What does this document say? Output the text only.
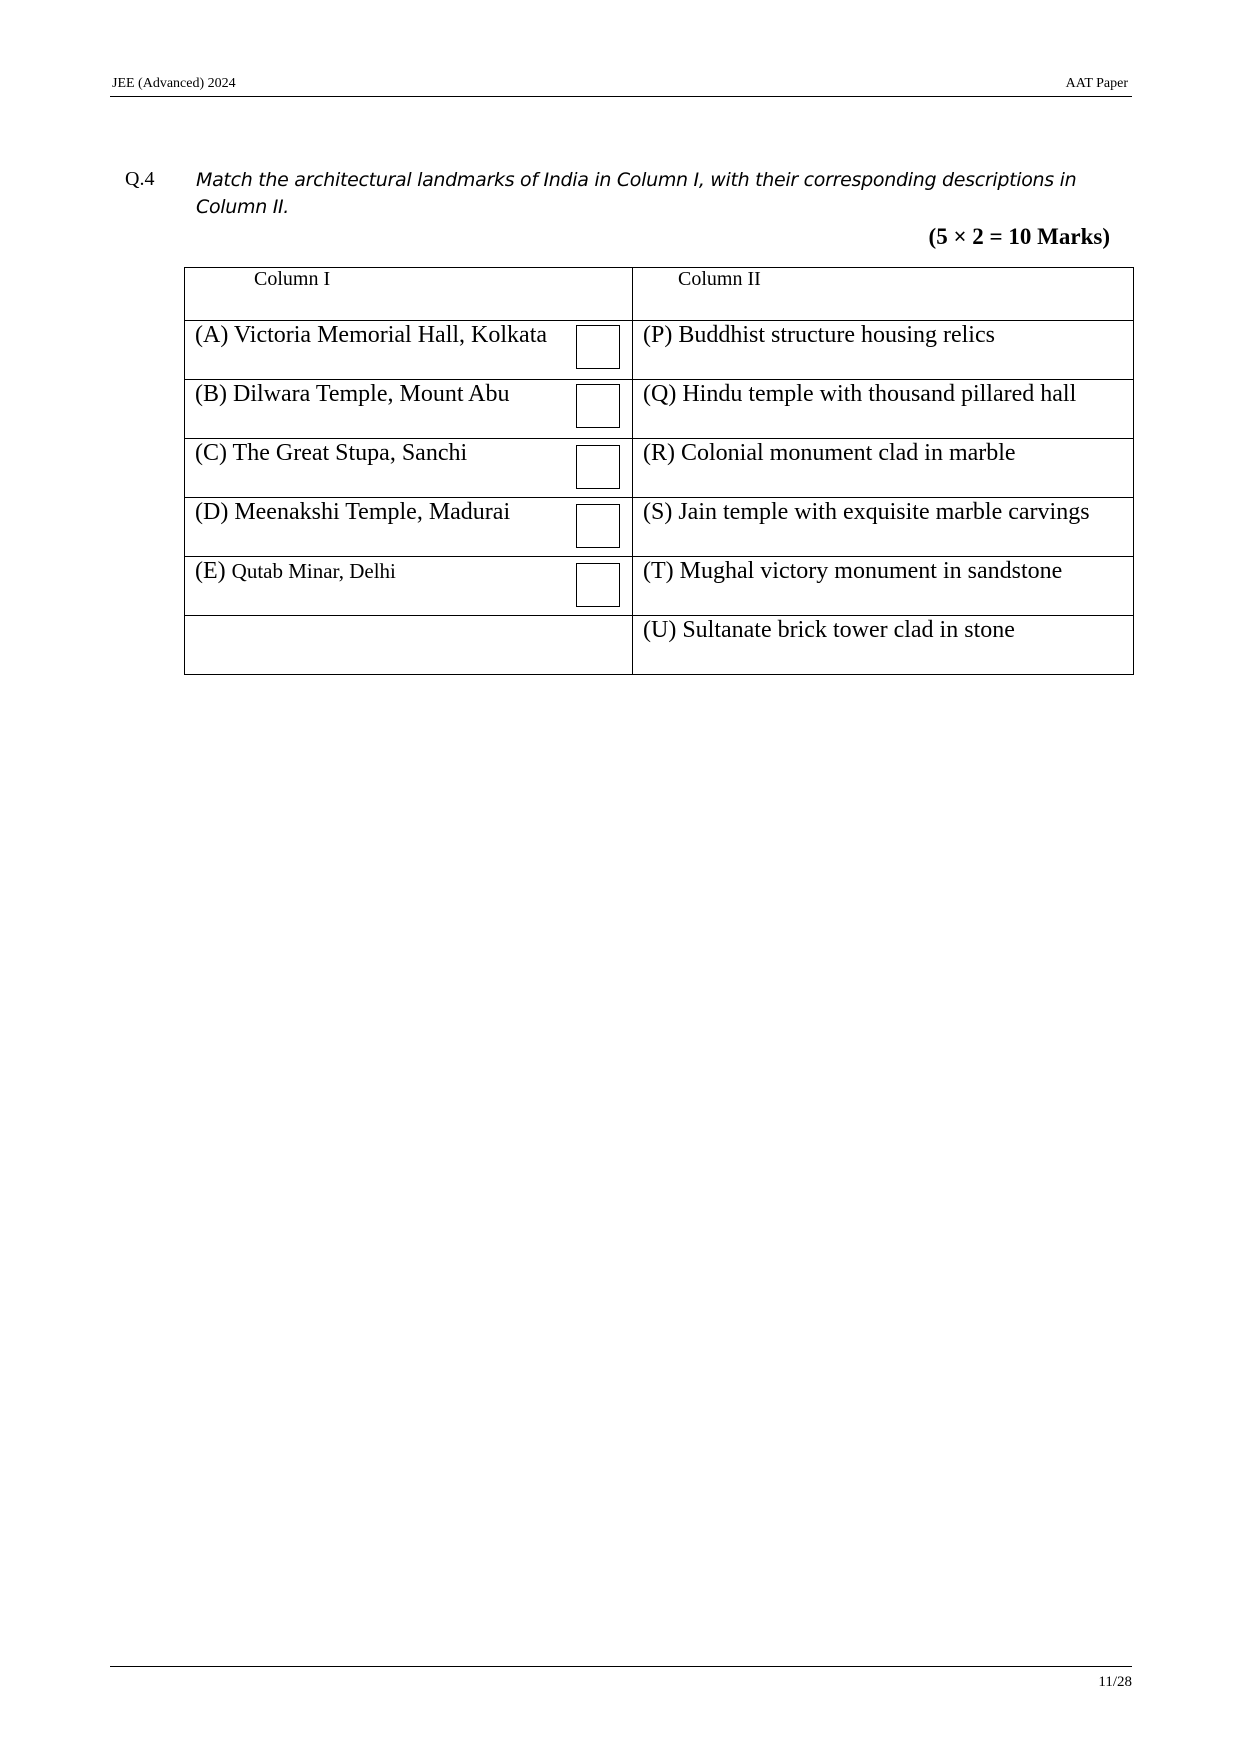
JEE (Advanced) 2024	AAT Paper
Q.4 Match the architectural landmarks of India in Column I, with their corresponding descriptions in Column II.
(5 × 2 = 10 Marks)
Column I	Column II

(A) Victoria Memorial Hall, Kolkata	(P) Buddhist structure housing relics

(B) Dilwara Temple, Mount Abu	(Q) Hindu temple with thousand pillared hall

(C) The Great Stupa, Sanchi	(R) Colonial monument clad in marble

(D) Meenakshi Temple, Madurai	(S) Jain temple with exquisite marble carvings

(E) Qutab Minar, Delhi	(T) Mughal victory monument in sandstone

	(U) Sultanate brick tower clad in stone
11/28
